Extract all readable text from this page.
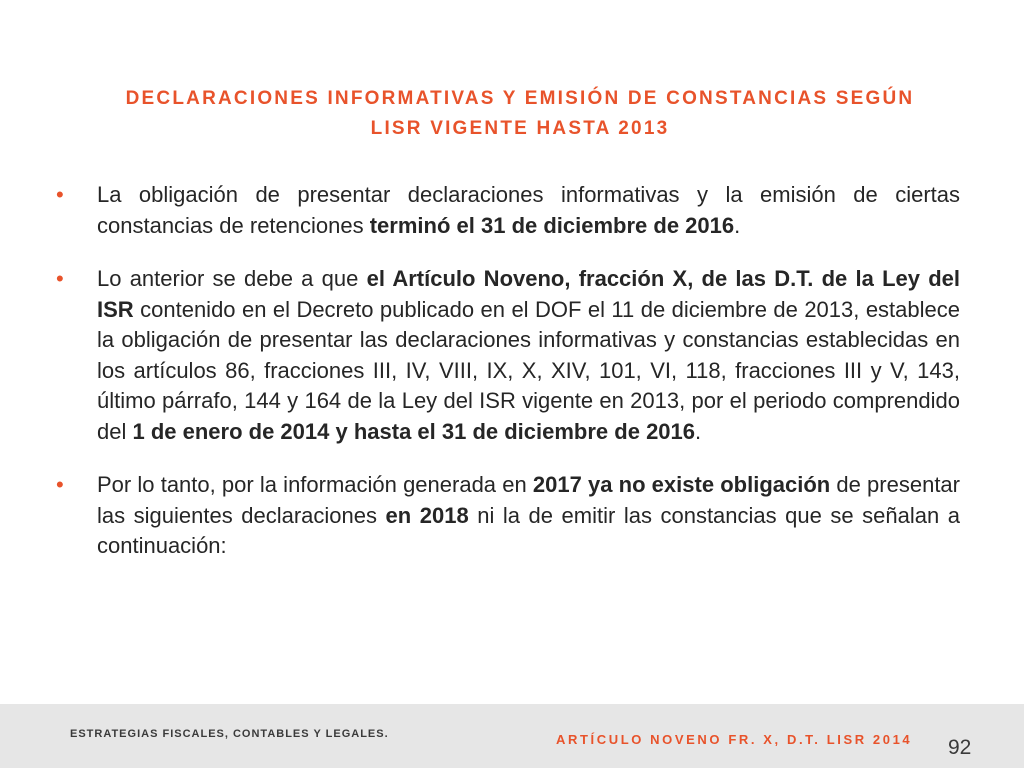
DECLARACIONES INFORMATIVAS Y EMISIÓN DE CONSTANCIAS SEGÚN
LISR VIGENTE HASTA 2013
• La obligación de presentar declaraciones informativas y la emisión de ciertas constancias de retenciones terminó el 31 de diciembre de 2016.
• Lo anterior se debe a que el Artículo Noveno, fracción X, de las D.T. de la Ley del ISR contenido en el Decreto publicado en el DOF el 11 de diciembre de 2013, establece la obligación de presentar las declaraciones informativas y constancias establecidas en los artículos 86, fracciones III, IV, VIII, IX, X, XIV, 101, VI, 118, fracciones III y V, 143, último párrafo, 144 y 164 de la Ley del ISR vigente en 2013, por el periodo comprendido del 1 de enero de 2014 y hasta el 31 de diciembre de 2016.
• Por lo tanto, por la información generada en 2017 ya no existe obligación de presentar las siguientes declaraciones en 2018 ni la de emitir las constancias que se señalan a continuación:
ESTRATEGIAS FISCALES, CONTABLES Y LEGALES.	ARTÍCULO NOVENO FR. X, D.T. LISR 2014 92
